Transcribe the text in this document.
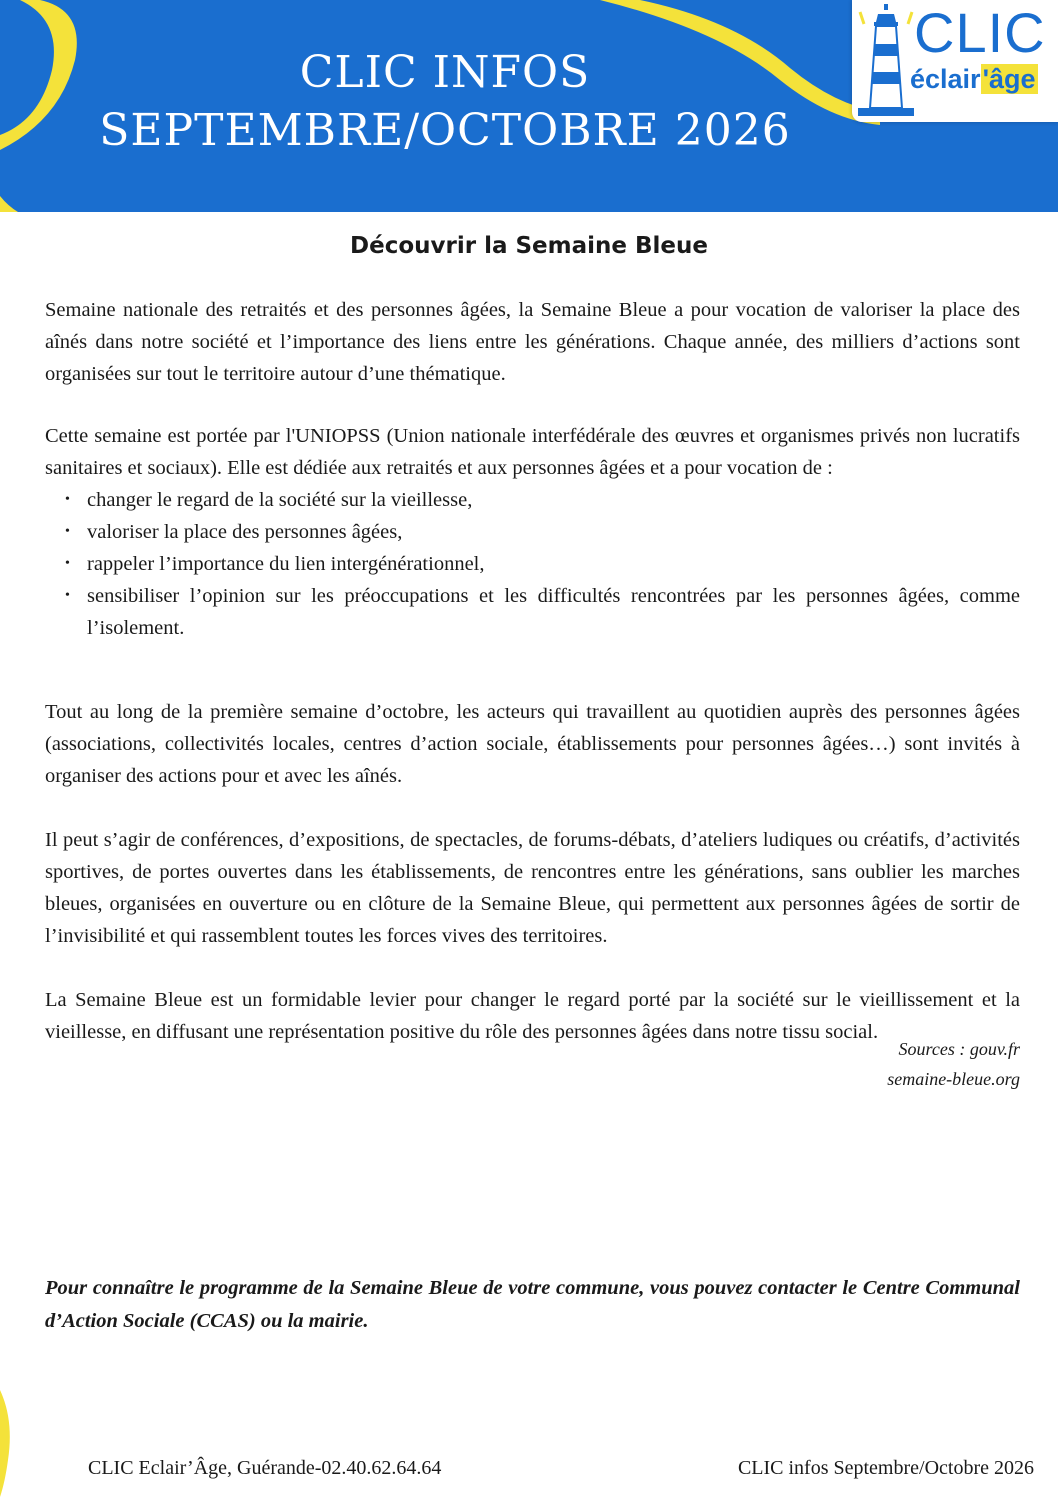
CLIC INFOS
SEPTEMBRE/OCTOBRE 2026
CLIC
éclair'âge
Découvrir la Semaine Bleue

Semaine nationale des retraités et des personnes âgées, la Semaine Bleue a pour vocation de valoriser la place des aînés dans notre société et l’importance des liens entre les générations. Chaque année, des milliers d’actions sont organisées sur tout le territoire autour d’une thématique.

Cette semaine est portée par l'UNIOPSS (Union nationale interfédérale des œuvres et organismes privés non lucratifs sanitaires et sociaux). Elle est dédiée aux retraités et aux personnes âgées et a pour vocation de :

• changer le regard de la société sur la vieillesse,
• valoriser la place des personnes âgées,
• rappeler l’importance du lien intergénérationnel,
• sensibiliser l’opinion sur les préoccupations et les difficultés rencontrées par les personnes âgées, comme l’isolement.

Tout au long de la première semaine d’octobre, les acteurs qui travaillent au quotidien auprès des personnes âgées (associations, collectivités locales, centres d’action sociale, établissements pour personnes âgées…) sont invités à organiser des actions pour et avec les aînés.

Il peut s’agir de conférences, d’expositions, de spectacles, de forums-débats, d’ateliers ludiques ou créatifs, d’activités sportives, de portes ouvertes dans les établissements, de rencontres entre les générations, sans oublier les marches bleues, organisées en ouverture ou en clôture de la Semaine Bleue, qui permettent aux personnes âgées de sortir de l’invisibilité et qui rassemblent toutes les forces vives des territoires.

La Semaine Bleue est un formidable levier pour changer le regard porté par la société sur le vieillissement et la vieillesse, en diffusant une représentation positive du rôle des personnes âgées dans notre tissu social.

Pour connaître le programme de la Semaine Bleue de votre commune, vous pouvez contacter le Centre Communal d’Action Sociale (CCAS) ou la mairie.
Sources : gouv.fr
semaine-bleue.org
CLIC Eclair’Âge, Guérande-02.40.62.64.64	CLIC infos Septembre/Octobre 2026
